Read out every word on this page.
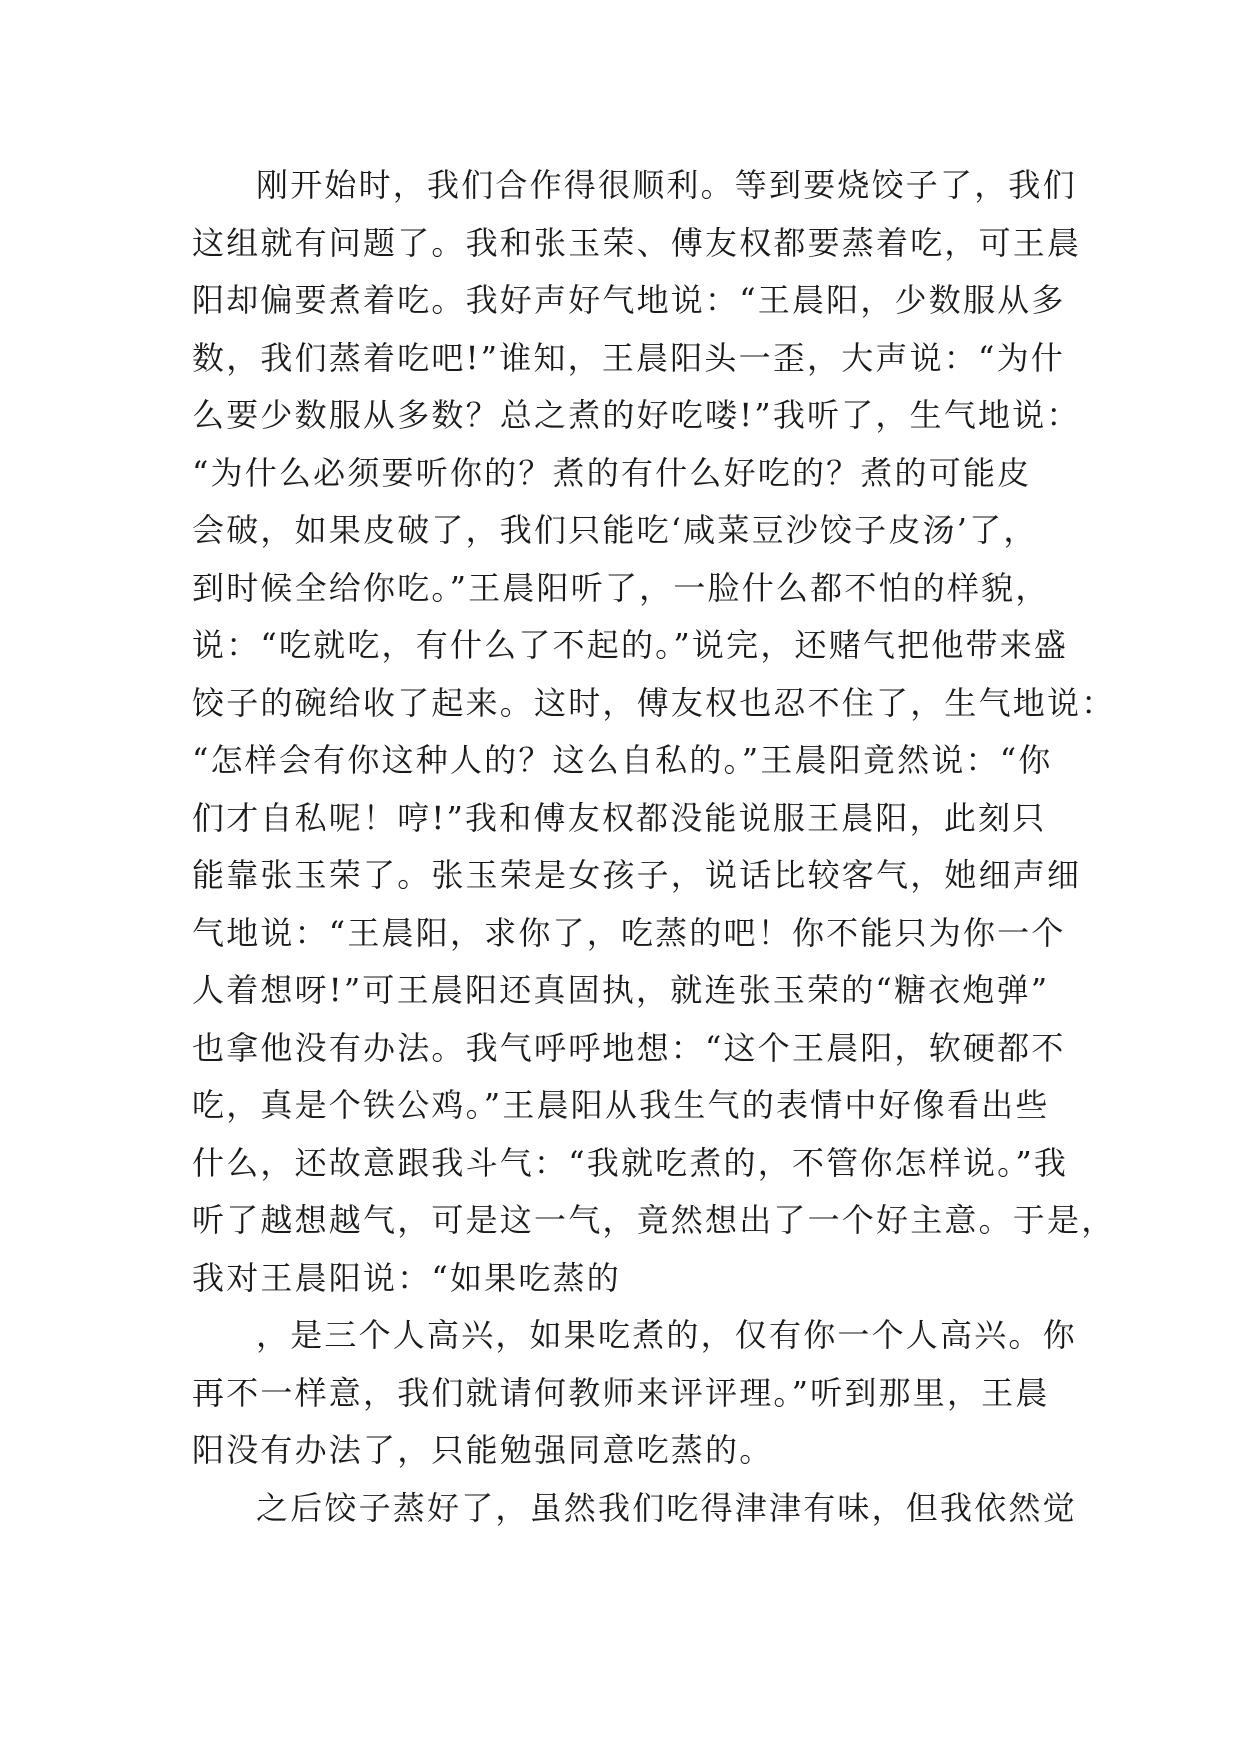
刚开始时，我们合作得很顺利。等到要烧饺子了，我们
这组就有问题了。我和张玉荣、傅友权都要蒸着吃，可王晨
阳却偏要煮着吃。我好声好气地说：“王晨阳，少数服从多
数，我们蒸着吃吧!”谁知，王晨阳头一歪，大声说：“为什
么要少数服从多数？总之煮的好吃喽!”我听了，生气地说：
“为什么必须要听你的？煮的有什么好吃的？煮的可能皮
会破，如果皮破了，我们只能吃‘咸菜豆沙饺子皮汤’了，
到时候全给你吃。”王晨阳听了，一脸什么都不怕的样貌，
说：“吃就吃，有什么了不起的。”说完，还赌气把他带来盛
饺子的碗给收了起来。这时，傅友权也忍不住了，生气地说：
“怎样会有你这种人的？这么自私的。”王晨阳竟然说：“你
们才自私呢！哼!”我和傅友权都没能说服王晨阳，此刻只
能靠张玉荣了。张玉荣是女孩子，说话比较客气，她细声细
气地说：“王晨阳，求你了，吃蒸的吧！你不能只为你一个
人着想呀!”可王晨阳还真固执，就连张玉荣的“糖衣炮弹”
也拿他没有办法。我气呼呼地想：“这个王晨阳，软硬都不
吃，真是个铁公鸡。”王晨阳从我生气的表情中好像看出些
什么，还故意跟我斗气：“我就吃煮的，不管你怎样说。”我
听了越想越气，可是这一气，竟然想出了一个好主意。于是，
我对王晨阳说：“如果吃蒸的
，是三个人高兴，如果吃煮的，仅有你一个人高兴。你
再不一样意，我们就请何教师来评评理。”听到那里，王晨
阳没有办法了，只能勉强同意吃蒸的。
之后饺子蒸好了，虽然我们吃得津津有味，但我依然觉
